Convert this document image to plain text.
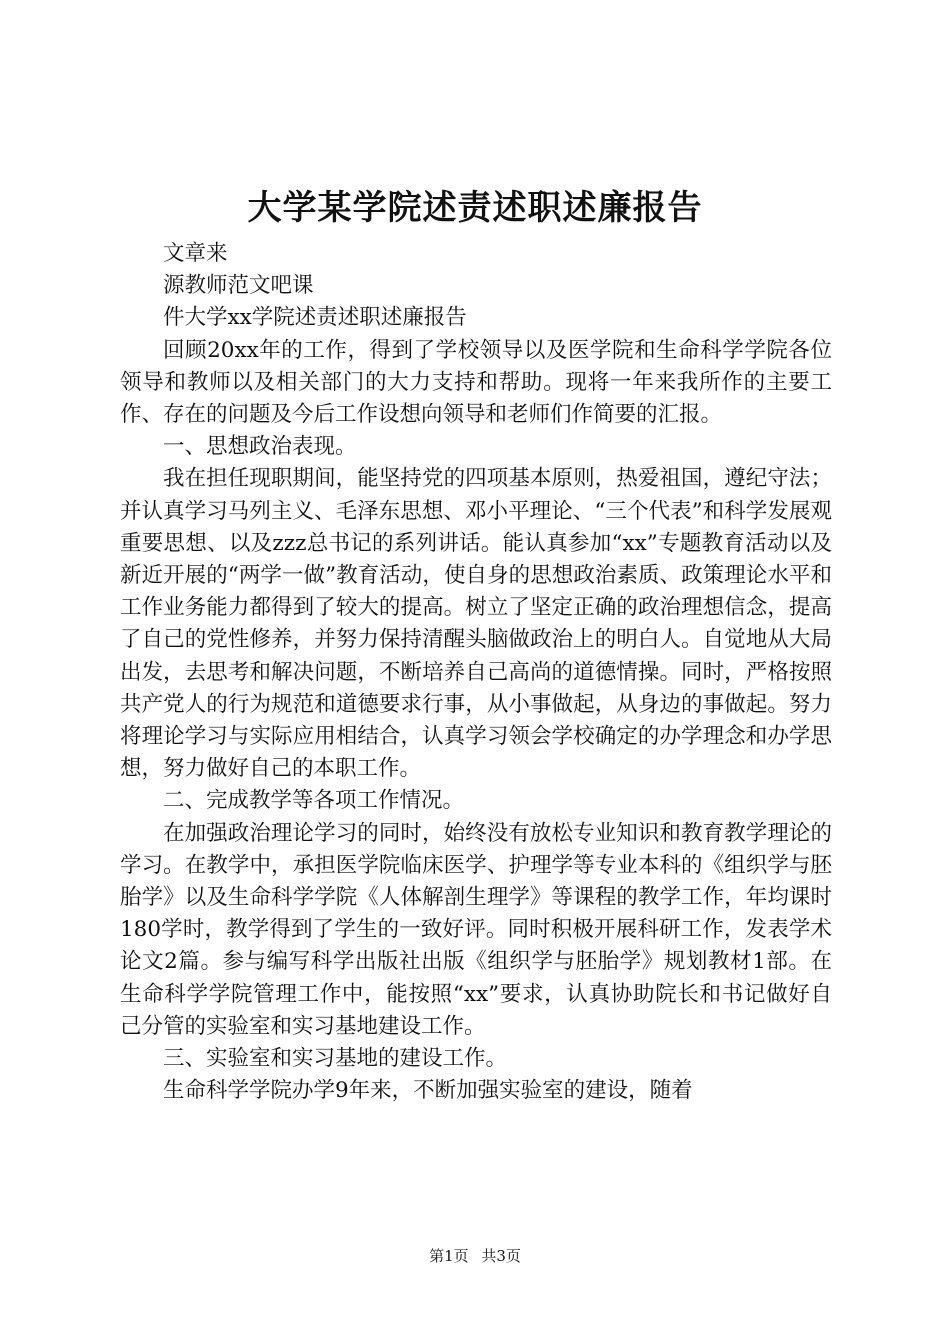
大学某学院述责述职述廉报告

文章来

源教师范文吧课

件大学xx学院述责述职述廉报告

回顾20xx年的工作，得到了学校领导以及医学院和生命科学学院各位领导和教师以及相关部门的大力支持和帮助。现将一年来我所作的主要工作、存在的问题及今后工作设想向领导和老师们作简要的汇报。

一、思想政治表现。

我在担任现职期间，能坚持党的四项基本原则，热爱祖国，遵纪守法；并认真学习马列主义、毛泽东思想、邓小平理论、“三个代表”和科学发展观重要思想、以及zzz总书记的系列讲话。能认真参加“xx”专题教育活动以及新近开展的“两学一做”教育活动，使自身的思想政治素质、政策理论水平和工作业务能力都得到了较大的提高。树立了坚定正确的政治理想信念，提高了自己的党性修养，并努力保持清醒头脑做政治上的明白人。自觉地从大局出发，去思考和解决问题，不断培养自己高尚的道德情操。同时，严格按照共产党人的行为规范和道德要求行事，从小事做起，从身边的事做起。努力将理论学习与实际应用相结合，认真学习领会学校确定的办学理念和办学思想，努力做好自己的本职工作。

二、完成教学等各项工作情况。

在加强政治理论学习的同时，始终没有放松专业知识和教育教学理论的学习。在教学中，承担医学院临床医学、护理学等专业本科的《组织学与胚胎学》以及生命科学学院《人体解剖生理学》等课程的教学工作，年均课时180学时，教学得到了学生的一致好评。同时积极开展科研工作，发表学术论文2篇。参与编写科学出版社出版《组织学与胚胎学》规划教材1部。在生命科学学院管理工作中，能按照“xx”要求，认真协助院长和书记做好自己分管的实验室和实习基地建设工作。

三、实验室和实习基地的建设工作。

生命科学学院办学9年来，不断加强实验室的建设，随着

第1页 共3页
